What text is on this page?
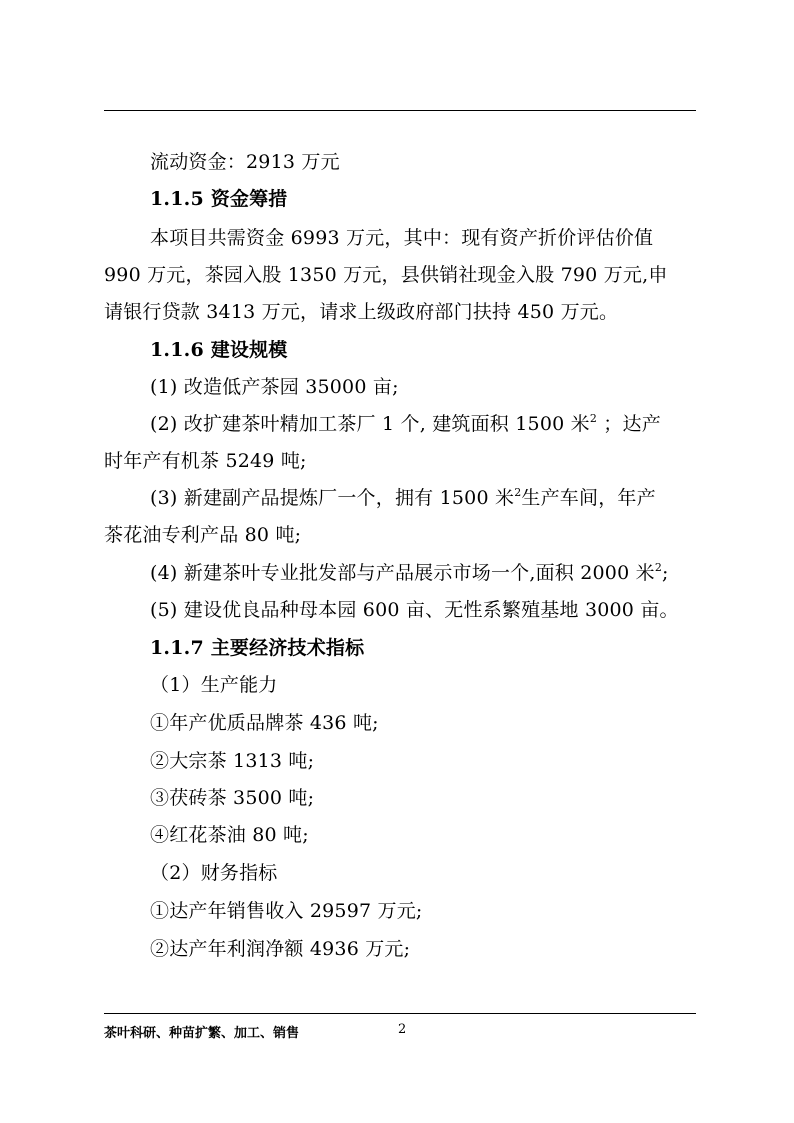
流动资金：2913 万元
1.1.5 资金筹措
本项目共需资金 6993 万元，其中：现有资产折价评估价值
990 万元，茶园入股 1350 万元，县供销社现金入股 790 万元,申
请银行贷款 3413 万元，请求上级政府部门扶持 450 万元。
1.1.6 建设规模
(1) 改造低产茶园 35000 亩;
(2) 改扩建茶叶精加工茶厂 1 个, 建筑面积 1500 米$^2$ ；达产
时年产有机茶 5249 吨;
(3) 新建副产品提炼厂一个，拥有 1500 米$^2$生产车间，年产
茶花油专利产品 80 吨;
(4) 新建茶叶专业批发部与产品展示市场一个,面积 2000 米$^2$;
(5) 建设优良品种母本园 600 亩、无性系繁殖基地 3000 亩。
1.1.7 主要经济技术指标
（1）生产能力
①年产优质品牌茶 436 吨;
②大宗茶 1313 吨;
③茯砖茶 3500 吨;
④红花茶油 80 吨;
（2）财务指标
①达产年销售收入 29597 万元;
②达产年利润净额 4936 万元;
茶叶科研、种苗扩繁、加工、销售	2
